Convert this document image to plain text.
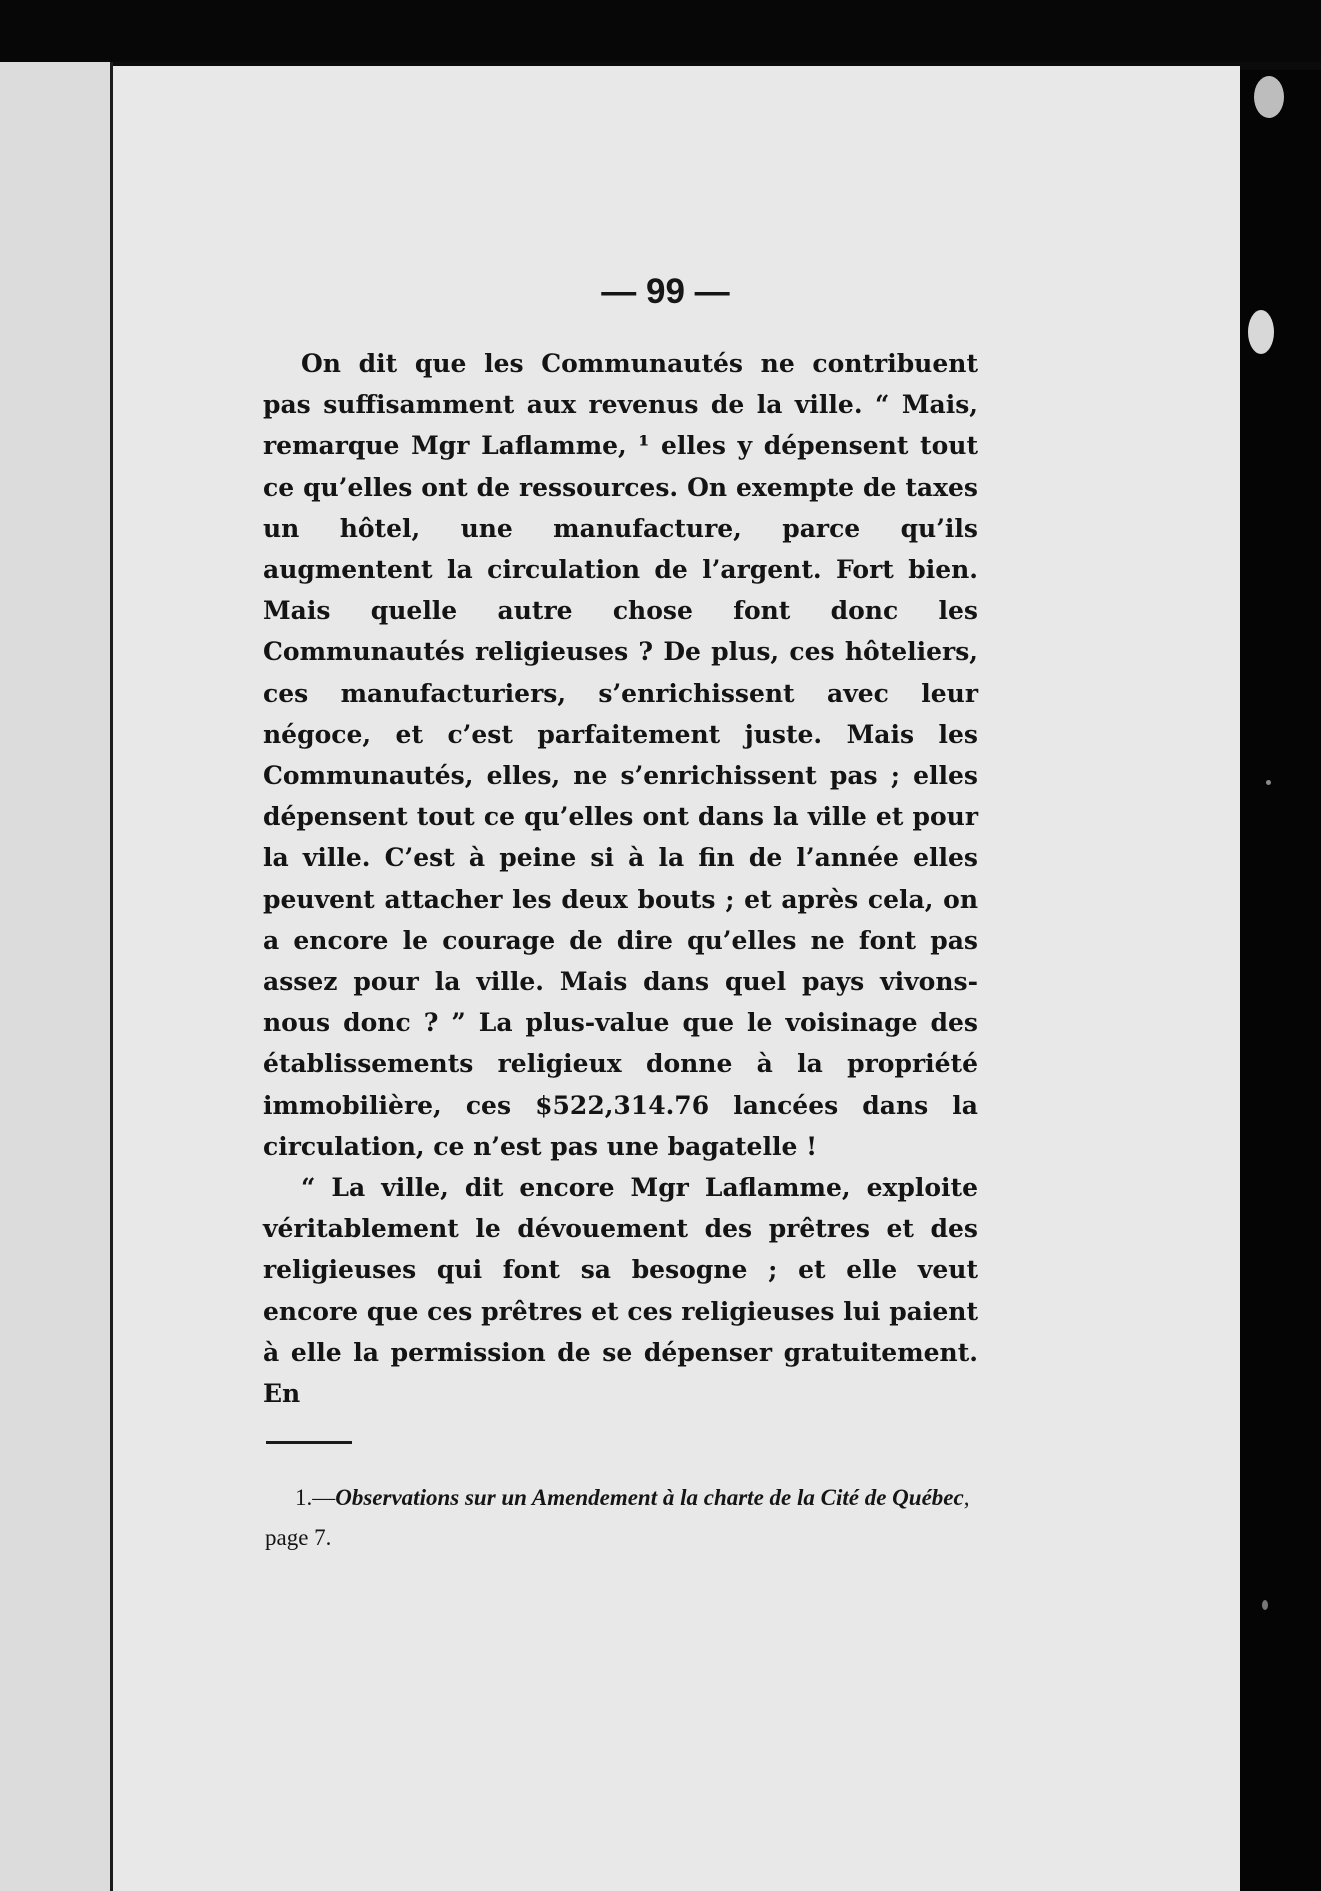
— 99 —

On dit que les Communautés ne contribuent pas suffisamment aux revenus de la ville. “ Mais, remarque Mgr Laflamme, ¹ elles y dépensent tout ce qu’elles ont de ressources. On exempte de taxes un hôtel, une manufacture, parce qu’ils augmentent la circulation de l’argent. Fort bien. Mais quelle autre chose font donc les Communautés religieuses ? De plus, ces hôteliers, ces manufacturiers, s’enrichissent avec leur négoce, et c’est parfaitement juste. Mais les Communautés, elles, ne s’enrichissent pas ; elles dépensent tout ce qu’elles ont dans la ville et pour la ville. C’est à peine si à la fin de l’année elles peuvent attacher les deux bouts ; et après cela, on a encore le courage de dire qu’elles ne font pas assez pour la ville. Mais dans quel pays vivons-nous donc ? ” La plus-value que le voisinage des établissements religieux donne à la propriété immobilière, ces $522,314.76 lancées dans la circulation, ce n’est pas une bagatelle !

“ La ville, dit encore Mgr Laflamme, exploite véritablement le dévouement des prêtres et des religieuses qui font sa besogne ; et elle veut encore que ces prêtres et ces religieuses lui paient à elle la permission de se dépenser gratuitement. En

1.—Observations sur un Amendement à la charte de la Cité de Québec, page 7.
